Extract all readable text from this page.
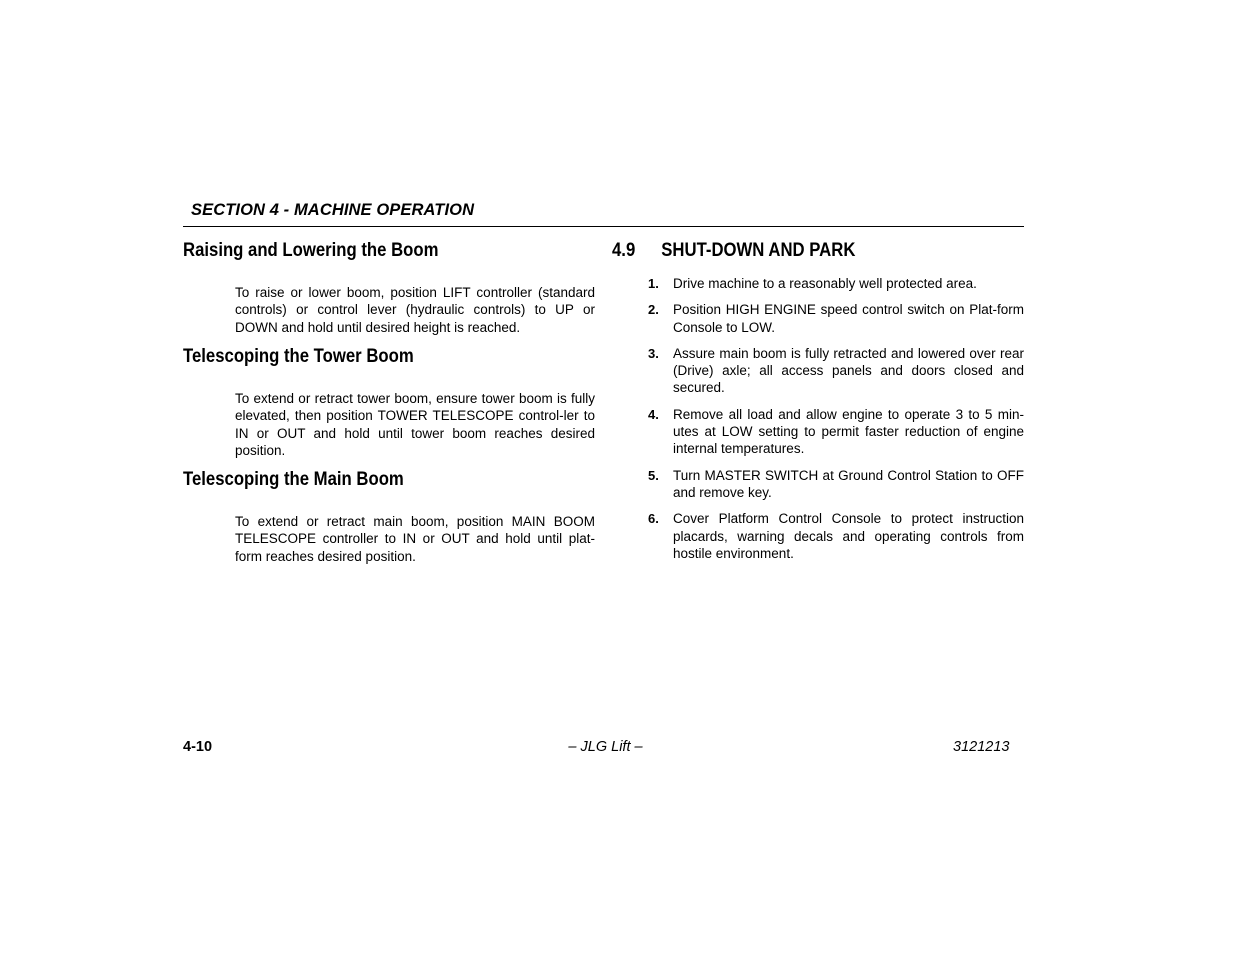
SECTION 4 - MACHINE OPERATION
Raising and Lowering the Boom
To raise or lower boom, position LIFT controller (standard controls) or control lever (hydraulic controls) to UP or DOWN and hold until desired height is reached.
Telescoping the Tower Boom
To extend or retract tower boom, ensure tower boom is fully elevated, then position TOWER TELESCOPE control-ler to IN or OUT and hold until tower boom reaches desired position.
Telescoping the Main Boom
To extend or retract main boom, position MAIN BOOM TELESCOPE controller to IN or OUT and hold until plat-form reaches desired position.
4.9 SHUT-DOWN AND PARK
1. Drive machine to a reasonably well protected area.
2. Position HIGH ENGINE speed control switch on Plat-form Console to LOW.
3. Assure main boom is fully retracted and lowered over rear (Drive) axle; all access panels and doors closed and secured.
4. Remove all load and allow engine to operate 3 to 5 min-utes at LOW setting to permit faster reduction of engine internal temperatures.
5. Turn MASTER SWITCH at Ground Control Station to OFF and remove key.
6. Cover Platform Control Console to protect instruction placards, warning decals and operating controls from hostile environment.
4-10	– JLG Lift –	3121213
